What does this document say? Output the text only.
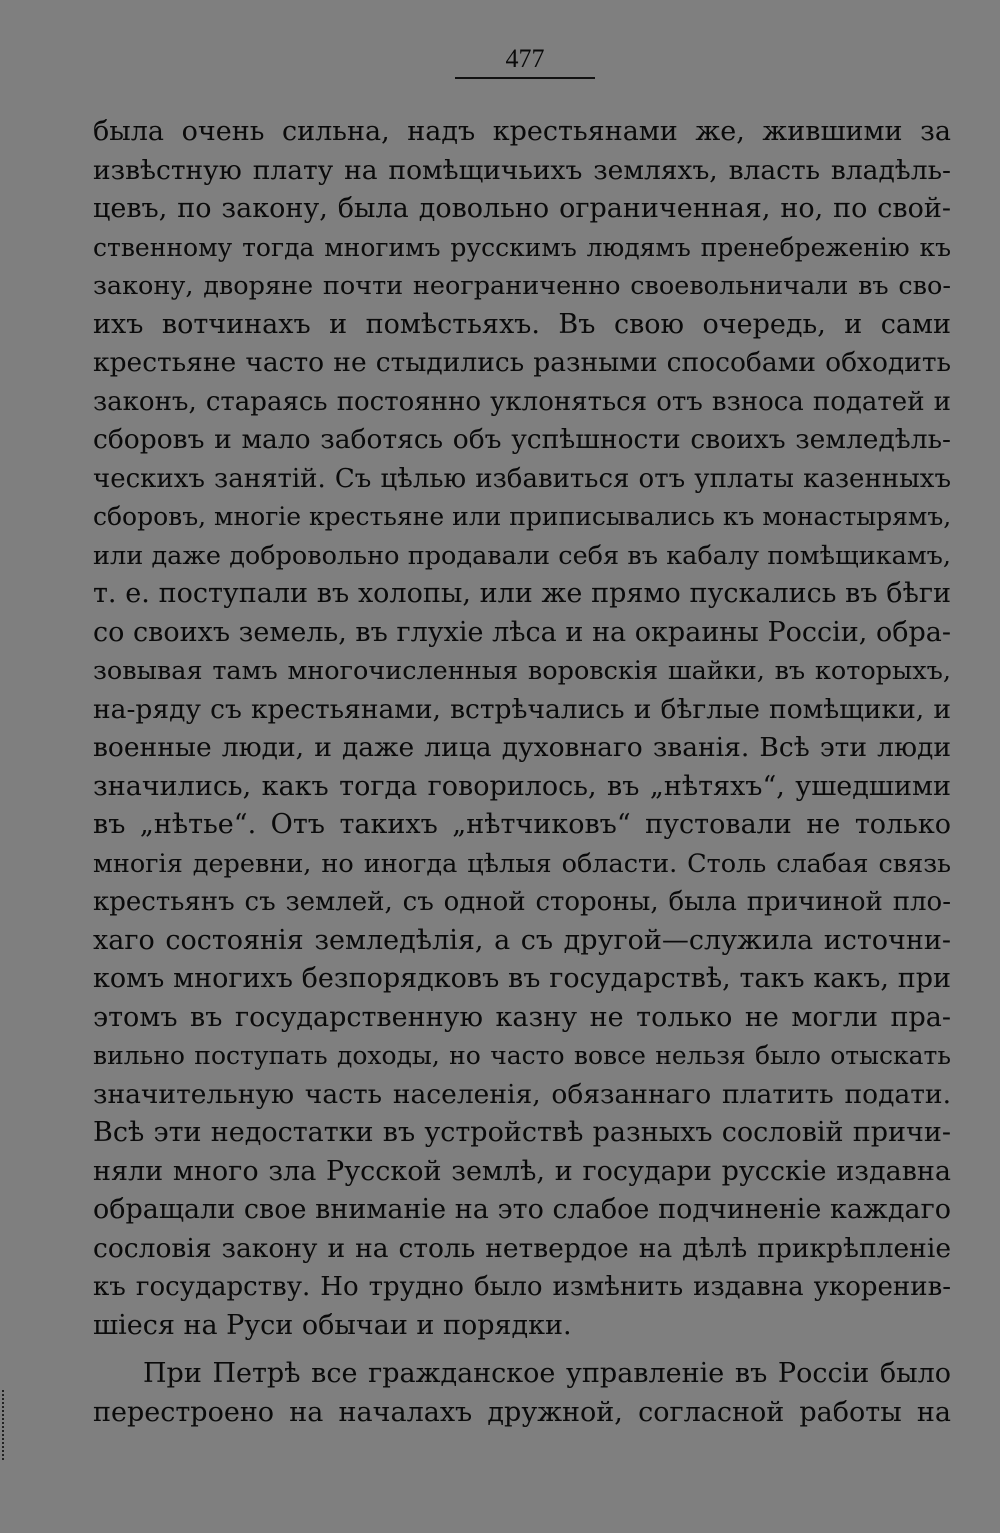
477
была очень сильна, надъ крестьянами же, жившими за
извѣстную плату на помѣщичьихъ земляхъ, власть владѣль-
цевъ, по закону, была довольно ограниченная, но, по свой-
ственному тогда многимъ русскимъ людямъ пренебреженію къ
закону, дворяне почти неограниченно своевольничали въ сво-
ихъ вотчинахъ и помѣстьяхъ. Въ свою очередь, и сами
крестьяне часто не стыдились разными способами обходить
законъ, стараясь постоянно уклоняться отъ взноса податей и
сборовъ и мало заботясь объ успѣшности своихъ земледѣль-
ческихъ занятій. Съ цѣлью избавиться отъ уплаты казенныхъ
сборовъ, многіе крестьяне или приписывались къ монастырямъ,
или даже добровольно продавали себя въ кабалу помѣщикамъ,
т. е. поступали въ холопы, или же прямо пускались въ бѣги
со своихъ земель, въ глухіе лѣса и на окраины Россіи, обра-
зовывая тамъ многочисленныя воровскія шайки, въ которыхъ,
на-ряду съ крестьянами, встрѣчались и бѣглые помѣщики, и
военные люди, и даже лица духовнаго званія. Всѣ эти люди
значились, какъ тогда говорилось, въ „нѣтяхъ“, ушедшими
въ „нѣтье“. Отъ такихъ „нѣтчиковъ“ пустовали не только
многія деревни, но иногда цѣлыя области. Столь слабая связь
крестьянъ съ землей, съ одной стороны, была причиной пло-
хаго состоянія земледѣлія, а съ другой—служила источни-
комъ многихъ безпорядковъ въ государствѣ, такъ какъ, при
этомъ въ государственную казну не только не могли пра-
вильно поступать доходы, но часто вовсе нельзя было отыскать
значительную часть населенія, обязаннаго платить подати.
Всѣ эти недостатки въ устройствѣ разныхъ сословій причи-
няли много зла Русской землѣ, и государи русскіе издавна
обращали свое вниманіе на это слабое подчиненіе каждаго
сословія закону и на столь нетвердое на дѣлѣ прикрѣпленіе
къ государству. Но трудно было измѣнить издавна укоренив-
шіеся на Руси обычаи и порядки.
При Петрѣ все гражданское управленіе въ Россіи было
перестроено на началахъ дружной, согласной работы на
